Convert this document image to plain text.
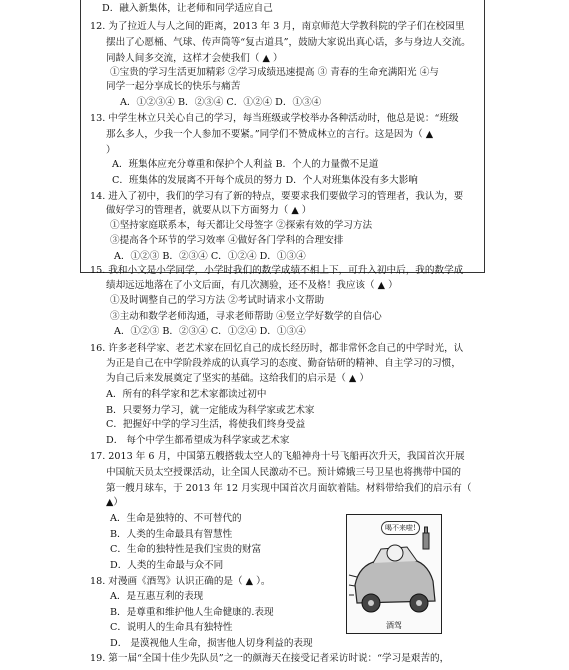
D．融入新集体，让老师和同学适应自己
12. 为了拉近人与人之间的距离，2013 年 3 月，南京师范大学教科院的学子们在校园里
摆出了心愿桶、气球、传声筒等“复古道具”，鼓励大家说出真心话，多与身边人交流。
同龄人间多交流，这样才会使我们（ ▲ ）
①宝贵的学习生活更加精彩 ②学习成绩迅速提高 ③ 青春的生命充满阳光 ④与
同学一起分享成长的快乐与痛苦
A．①②③④ B．②③④ C．①②④ D．①③④
13. 中学生林立只关心自己的学习，每当班级或学校举办各种活动时，他总是说：“班级
那么多人，少我一个人参加不要紧。”同学们不赞成林立的言行。这是因为（ ▲
）
A．班集体应充分尊重和保护个人利益 B．个人的力量微不足道
C．班集体的发展离不开每个成员的努力 D．个人对班集体没有多大影响
14. 进入了初中，我们的学习有了新的特点，要要求我们要做学习的管理者，我认为，要
做好学习的管理者，就要从以下方面努力（ ▲ ）
①坚持家庭联系本，每天都让父母签字 ②探索有效的学习方法
③提高各个环节的学习效率 ④做好各门学科的合理安排
A．①②③ B．②③④ C．①②④ D．①③④
15. 我和小文是小学同学，小学时我们的数学成绩不相上下，可升入初中后，我的数学成
绩却远远地落在了小文后面，有几次测验，还不及格！我应该（ ▲ ）
①及时调整自己的学习方法 ②考试时请求小文帮助
③主动和数学老师沟通，寻求老师帮助 ④竖立学好数学的自信心
A．①②③ B．②③④ C．①②④ D．①③④
16. 许多老科学家、老艺术家在回忆自己的成长经历时，都非常怀念自己的中学时光，认
为正是自己在中学阶段养成的认真学习的态度、勤奋钻研的精神、自主学习的习惯，
为自己后来发展奠定了坚实的基础。这给我们的启示是（ ▲ ）
A．所有的科学家和艺术家都读过初中
B．只要努力学习，就一定能成为科学家或艺术家
C．把握好中学的学习生活，将使我们终身受益
D． 每个中学生都希望成为科学家或艺术家
17. 2013 年 6 月，中国第五艘搭载太空人的飞船神舟十号飞船再次升天，我国首次开展
中国航天员太空授课活动，让全国人民激动不已。预计嫦娥三号卫星也将携带中国的
第一艘月球车，于 2013 年 12 月实现中国首次月面软着陆。材料带给我们的启示有（
▲）
A．生命是独特的、不可替代的
B．人类的生命最具有智慧性
C．生命的独特性是我们宝贵的财富
D．人类的生命最与众不同
18. 对漫画《酒驾》认识正确的是（ ▲ ）。
A．是互惠互利的表现
B．是尊重和维护他人生命健康的.表现
C．说明人的生命具有独特性
D． 是漠视他人生命，损害他人切身利益的表现
19. 第一届“全国十佳少先队员”之一的颜海天在接受记者采访时说：“学习是艰苦的，
喝不来啦!
酒驾
